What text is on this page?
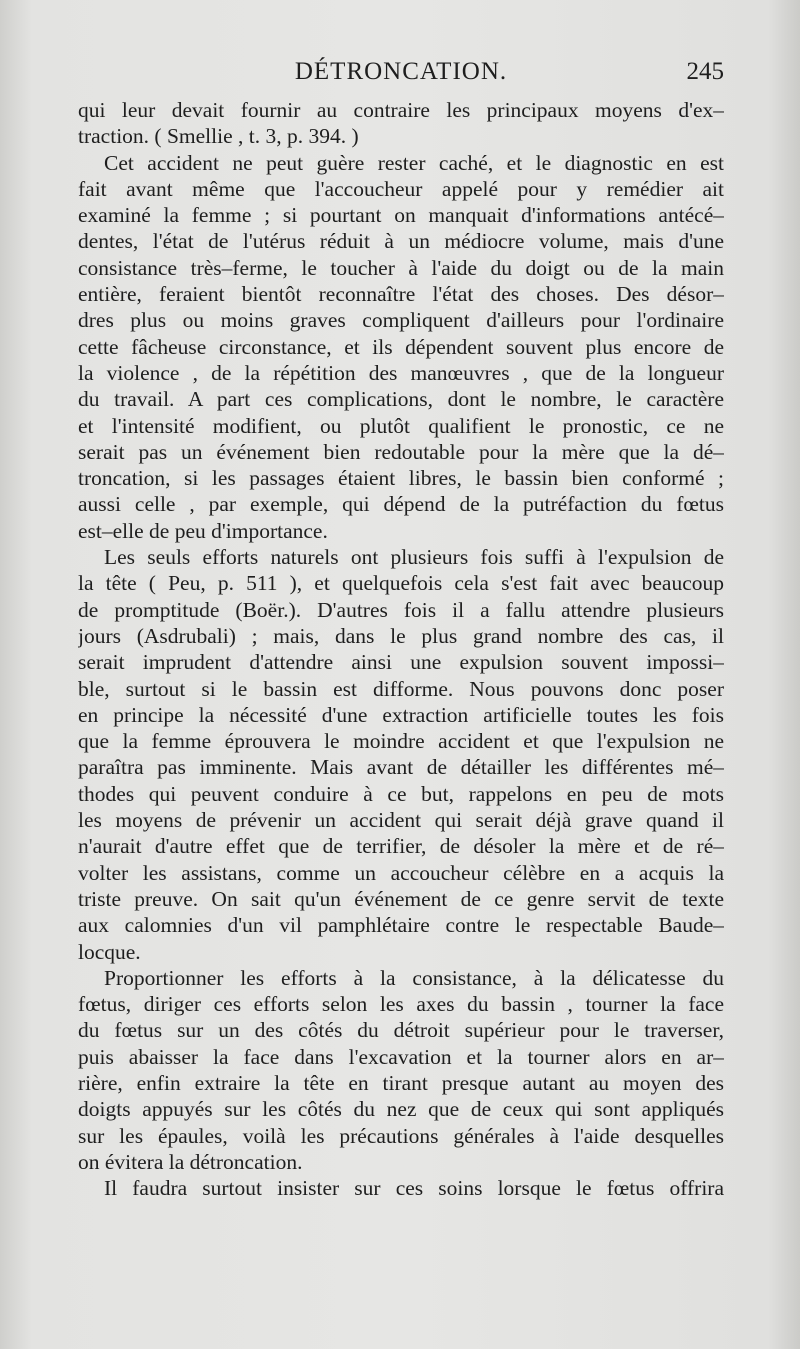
DÉTRONCATION.	245
qui leur devait fournir au contraire les principaux moyens d'ex–
traction. ( Smellie , t. 3, p. 394. )
Cet accident ne peut guère rester caché, et le diagnostic en est
fait avant même que l'accoucheur appelé pour y remédier ait
examiné la femme ; si pourtant on manquait d'informations antécé–
dentes, l'état de l'utérus réduit à un médiocre volume, mais d'une
consistance très–ferme, le toucher à l'aide du doigt ou de la main
entière, feraient bientôt reconnaître l'état des choses. Des désor–
dres plus ou moins graves compliquent d'ailleurs pour l'ordinaire
cette fâcheuse circonstance, et ils dépendent souvent plus encore de
la violence , de la répétition des manœuvres , que de la longueur
du travail. A part ces complications, dont le nombre, le caractère
et l'intensité modifient, ou plutôt qualifient le pronostic, ce ne
serait pas un événement bien redoutable pour la mère que la dé–
troncation, si les passages étaient libres, le bassin bien conformé ;
aussi celle , par exemple, qui dépend de la putréfaction du fœtus
est–elle de peu d'importance.
Les seuls efforts naturels ont plusieurs fois suffi à l'expulsion de
la tête ( Peu, p. 511 ), et quelquefois cela s'est fait avec beaucoup
de promptitude (Boër.). D'autres fois il a fallu attendre plusieurs
jours (Asdrubali) ; mais, dans le plus grand nombre des cas, il
serait imprudent d'attendre ainsi une expulsion souvent impossi–
ble, surtout si le bassin est difforme. Nous pouvons donc poser
en principe la nécessité d'une extraction artificielle toutes les fois
que la femme éprouvera le moindre accident et que l'expulsion ne
paraîtra pas imminente. Mais avant de détailler les différentes mé–
thodes qui peuvent conduire à ce but, rappelons en peu de mots
les moyens de prévenir un accident qui serait déjà grave quand il
n'aurait d'autre effet que de terrifier, de désoler la mère et de ré–
volter les assistans, comme un accoucheur célèbre en a acquis la
triste preuve. On sait qu'un événement de ce genre servit de texte
aux calomnies d'un vil pamphlétaire contre le respectable Baude–
locque.
Proportionner les efforts à la consistance, à la délicatesse du
fœtus, diriger ces efforts selon les axes du bassin , tourner la face
du fœtus sur un des côtés du détroit supérieur pour le traverser,
puis abaisser la face dans l'excavation et la tourner alors en ar–
rière, enfin extraire la tête en tirant presque autant au moyen des
doigts appuyés sur les côtés du nez que de ceux qui sont appliqués
sur les épaules, voilà les précautions générales à l'aide desquelles
on évitera la détroncation.
Il faudra surtout insister sur ces soins lorsque le fœtus offrira
